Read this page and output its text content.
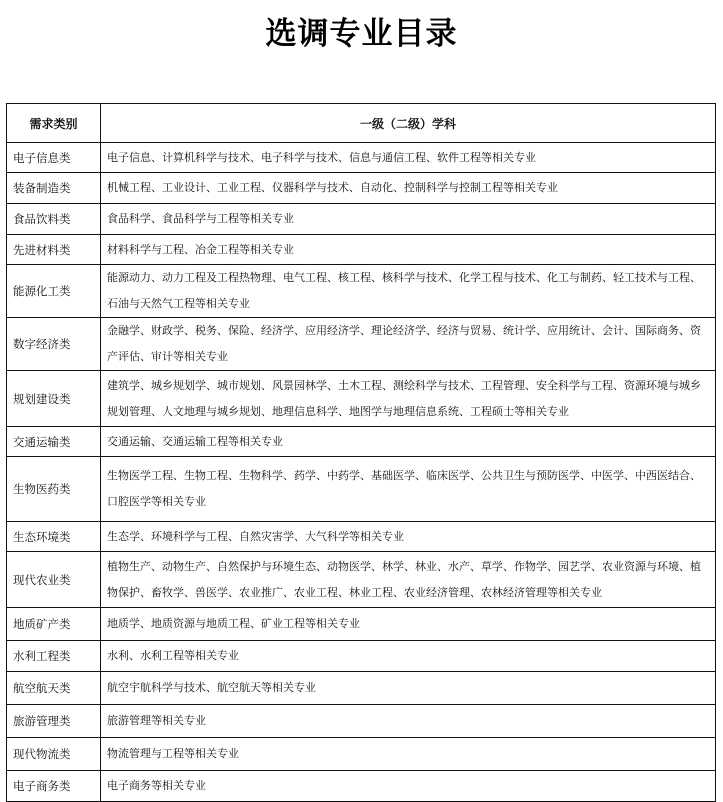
选调专业目录
需求类别	一级（二级）学科
电子信息类	电子信息、计算机科学与技术、电子科学与技术、信息与通信工程、软件工程等相关专业
装备制造类	机械工程、工业设计、工业工程、仪器科学与技术、自动化、控制科学与控制工程等相关专业
食品饮料类	食品科学、食品科学与工程等相关专业
先进材料类	材料科学与工程、冶金工程等相关专业
能源化工类	能源动力、动力工程及工程热物理、电气工程、核工程、核科学与技术、化学工程与技术、化工与制药、轻工技术与工程、石油与天然气工程等相关专业
数字经济类	金融学、财政学、税务、保险、经济学、应用经济学、理论经济学、经济与贸易、统计学、应用统计、会计、国际商务、资产评估、审计等相关专业
规划建设类	建筑学、城乡规划学、城市规划、风景园林学、土木工程、测绘科学与技术、工程管理、安全科学与工程、资源环境与城乡规划管理、人文地理与城乡规划、地理信息科学、地图学与地理信息系统、工程硕士等相关专业
交通运输类	交通运输、交通运输工程等相关专业
生物医药类	生物医学工程、生物工程、生物科学、药学、中药学、基础医学、临床医学、公共卫生与预防医学、中医学、中西医结合、口腔医学等相关专业
生态环境类	生态学、环境科学与工程、自然灾害学、大气科学等相关专业
现代农业类	植物生产、动物生产、自然保护与环境生态、动物医学、林学、林业、水产、草学、作物学、园艺学、农业资源与环境、植物保护、畜牧学、兽医学、农业推广、农业工程、林业工程、农业经济管理、农林经济管理等相关专业
地质矿产类	地质学、地质资源与地质工程、矿业工程等相关专业
水利工程类	水利、水利工程等相关专业
航空航天类	航空宇航科学与技术、航空航天等相关专业
旅游管理类	旅游管理等相关专业
现代物流类	物流管理与工程等相关专业
电子商务类	电子商务等相关专业
